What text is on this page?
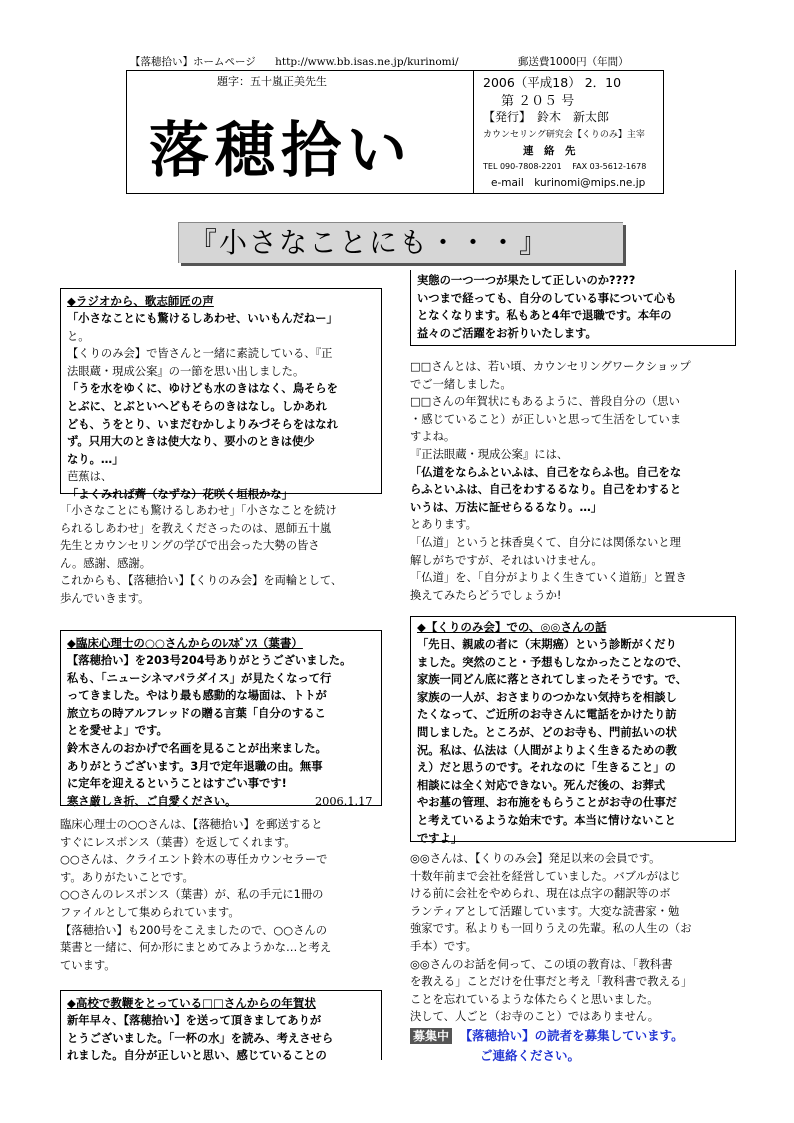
【落穂拾い】ホームページ http://www.bb.isas.ne.jp/kurinomi/	郵送費1000円（年間）
題字：五十嵐正美先生
落穂拾い
2006（平成18） 2．10
第 ２０５ 号
【発行】　鈴木　新太郎
カウンセリング研究会【くりのみ】主宰
連　絡　先
TEL 090-7808-2201　 FAX 03-5612-1678
e-mail　kurinomi@mips.ne.jp
『小さなことにも・・・』
◆ラジオから、歌志師匠の声
「小さなことにも驚けるしあわせ、いいもんだねー」
と。
【くりのみ会】で皆さんと一緒に素読している、『正
法眼蔵・現成公案』の一節を思い出しました。
「うを水をゆくに、ゆけども水のきはなく、鳥そらを
とぶに、とぶといへどもそらのきはなし。しかあれ
ども、うをとり、いまだむかしよりみづそらをはなれ
ず。只用大のときは使大なり、要小のときは使少
なり。…」
芭蕉は、
「よくみれば薺（なずな）花咲く垣根かな」
「小さなことにも驚けるしあわせ」「小さなことを続け
られるしあわせ」を教えくださったのは、恩師五十嵐
先生とカウンセリングの学びで出会った大勢の皆さ
ん。感謝、感謝。
これからも、【落穂拾い】【くりのみ会】を両輪として、
歩んでいきます。
◆臨床心理士の○○さんからのﾚｽﾎﾟﾝｽ（葉書）
【落穂拾い】を203号204号ありがとうございました。
私も、「ニューシネマパラダイス」が見たくなって行
ってきました。やはり最も感動的な場面は、トトが
旅立ちの時アルフレッドの贈る言葉「自分のするこ
とを愛せよ」です。
鈴木さんのおかげで名画を見ることが出来ました。
ありがとうございます。3月で定年退職の由。無事
に定年を迎えるということはすごい事です!
寒さ厳しき折、ご自愛ください。	2006.1.17
臨床心理士の○○さんは、【落穂拾い】を郵送すると
すぐにレスポンス（葉書）を返してくれます。
○○さんは、クライエント鈴木の専任カウンセラーで
す。ありがたいことです。
○○さんのレスポンス（葉書）が、私の手元に1冊の
ファイルとして集められています。
【落穂拾い】も200号をこえましたので、○○さんの
葉書と一緒に、何か形にまとめてみようかな…と考え
ています。
◆高校で教鞭をとっている□□さんからの年賀状
新年早々、【落穂拾い】を送って頂きましてありが
とうございました。「一杯の水」を読み、考えさせら
れました。自分が正しいと思い、感じていることの
実態の一つ一つが果たして正しいのか????
いつまで経っても、自分のしている事について心も
となくなります。私もあと4年で退職です。本年の
益々のご活躍をお祈りいたします。
□□さんとは、若い頃、カウンセリングワークショップ
でご一緒しました。
□□さんの年賀状にもあるように、普段自分の（思い
・感じていること）が正しいと思って生活をしていま
すよね。
『正法眼蔵・現成公案』には、
「仏道をならふといふは、自己をならふ也。自己をな
らふといふは、自己をわするるなり。自己をわすると
いうは、万法に証せらるるなり。…」
とあります。
「仏道」というと抹香臭くて、自分には関係ないと理
解しがちですが、それはいけません。
「仏道」を、「自分がよりよく生きていく道筋」と置き
換えてみたらどうでしょうか!
◆【くりのみ会】での、◎◎さんの話
「先日、親戚の者に（末期癌）という診断がくだり
ました。突然のこと・予想もしなかったことなので、
家族一同どん底に落とされてしまったそうです。で、
家族の一人が、おさまりのつかない気持ちを相談し
たくなって、ご近所のお寺さんに電話をかけたり訪
問しました。ところが、どのお寺も、門前払いの状
況。私は、仏法は（人間がよりよく生きるための教
え）だと思うのです。それなのに「生きること」の
相談には全く対応できない。死んだ後の、お葬式
やお墓の管理、お布施をもらうことがお寺の仕事だ
と考えているような始末です。本当に情けないこと
ですよ」
◎◎さんは、【くりのみ会】発足以来の会員です。
十数年前まで会社を経営していました。バブルがはじ
ける前に会社をやめられ、現在は点字の翻訳等のボ
ランティアとして活躍しています。大変な読書家・勉
強家です。私よりも一回りうえの先輩。私の人生の（お
手本）です。
◎◎さんのお話を伺って、この頃の教育は、「教科書
を教える」ことだけを仕事だと考え「教科書で教える」
ことを忘れているような体たらくと思いました。
決して、人ごと（お寺のこと）ではありません。
募集中 【落穂拾い】の読者を募集しています。
ご連絡ください。
